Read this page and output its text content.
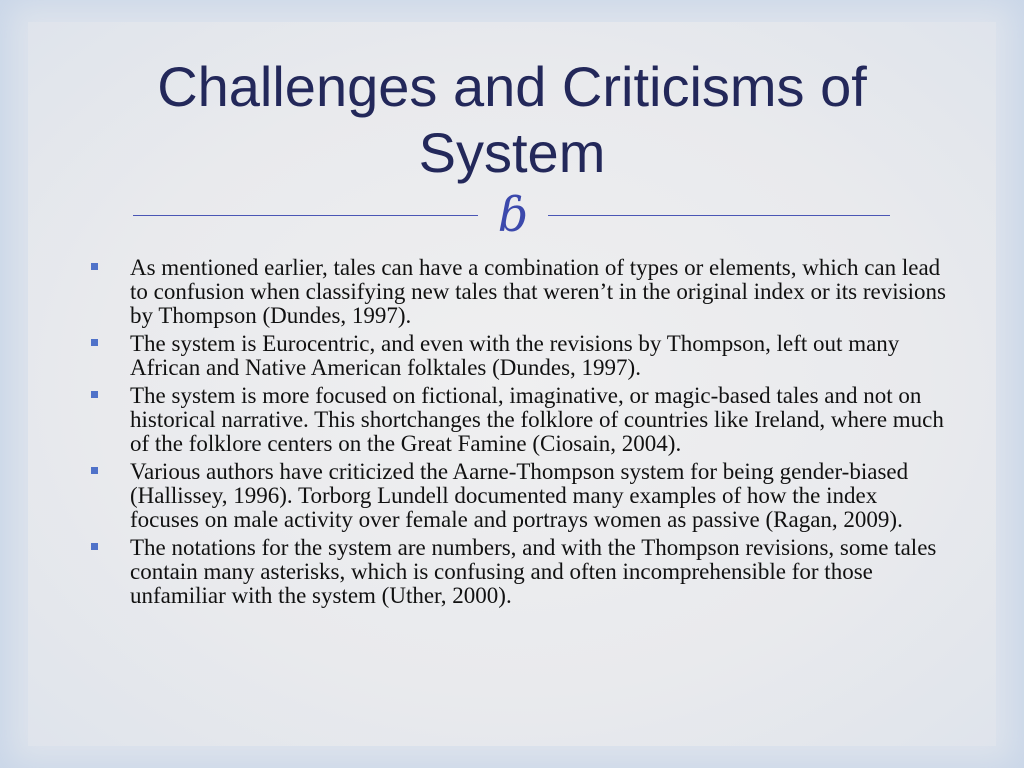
Challenges and Criticisms of System
ɓ
As mentioned earlier, tales can have a combination of types or elements, which can lead to confusion when classifying new tales that weren’t in the original index or its revisions by Thompson (Dundes, 1997).
The system is Eurocentric, and even with the revisions by Thompson, left out many African and Native American folktales (Dundes, 1997).
The system is more focused on fictional, imaginative, or magic-based tales and not on historical narrative. This shortchanges the folklore of countries like Ireland, where much of the folklore centers on the Great Famine (Ciosain, 2004).
Various authors have criticized the Aarne-Thompson system for being gender-biased (Hallissey, 1996). Torborg Lundell documented many examples of how the index focuses on male activity over female and portrays women as passive (Ragan, 2009).
The notations for the system are numbers, and with the Thompson revisions, some tales contain many asterisks, which is confusing and often incomprehensible for those unfamiliar with the system (Uther, 2000).
